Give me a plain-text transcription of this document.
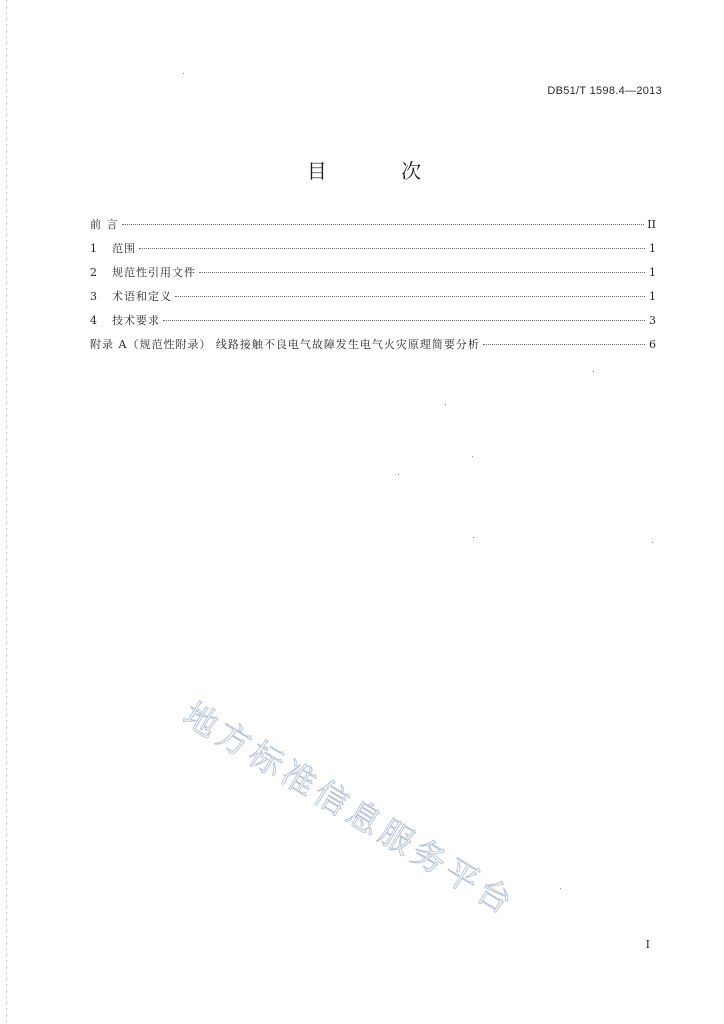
DB51/T 1598.4—2013
目 次
前 言	II
1	范围	1
2	规范性引用文件	1
3	术语和定义	1
4	技术要求	3
附录 A（规范性附录） 线路接触不良电气故障发生电气火灾原理简要分析	6
地方标准信息服务平台
I
